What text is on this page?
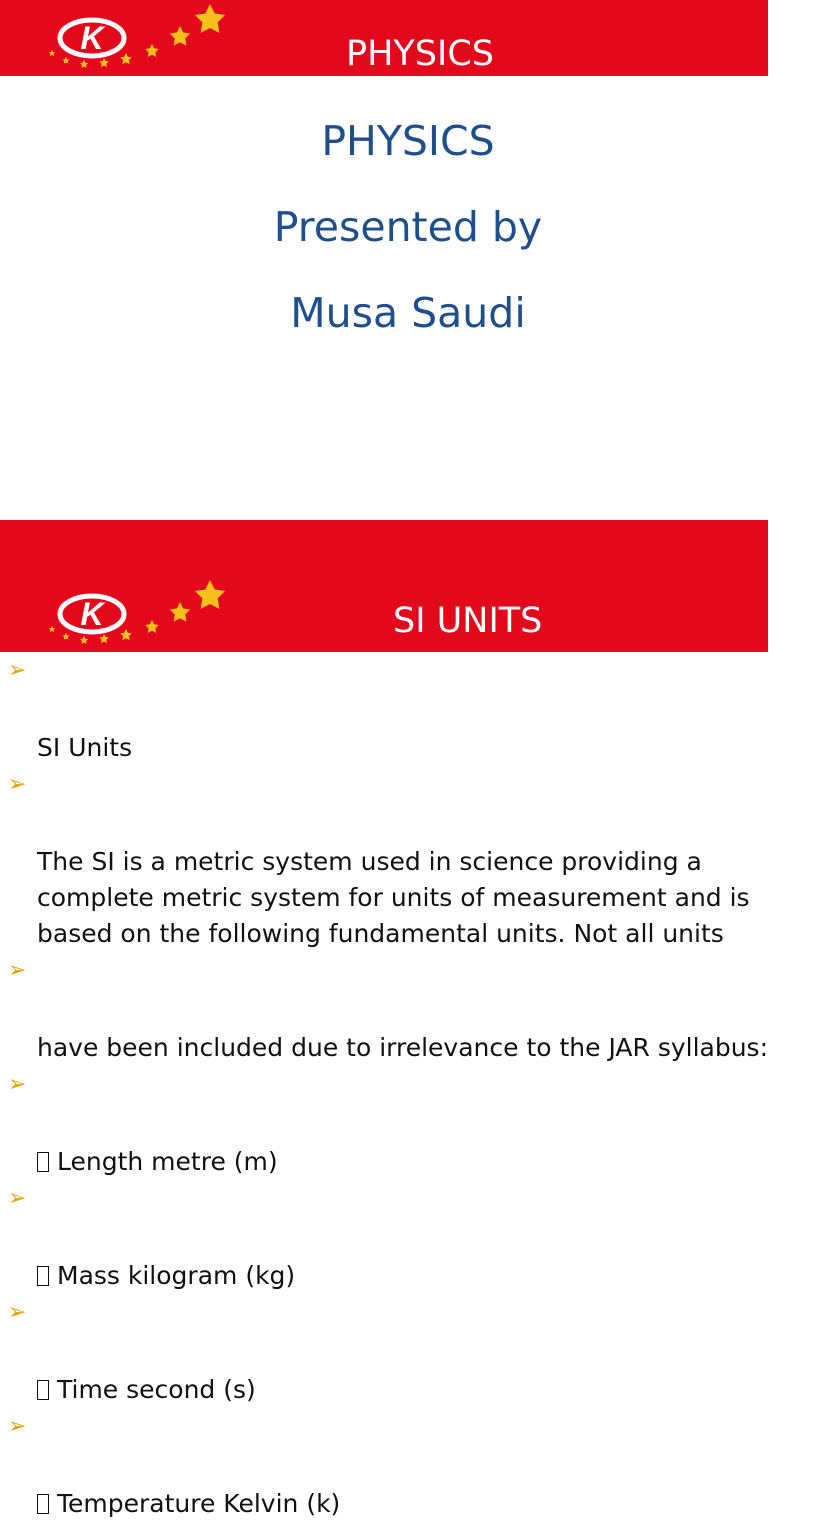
K	PHYSICS
PHYSICS
Presented by
Musa Saudi
K	SI UNITS

➢

SI Units

➢

The SI is a metric system used in science providing a complete metric system for units of measurement and is based on the following fundamental units. Not all units

➢

have been included due to irrelevance to the JAR syllabus:

➢

Length metre (m)

➢

Mass kilogram (kg)

➢

Time second (s)

➢

Temperature Kelvin (k)
